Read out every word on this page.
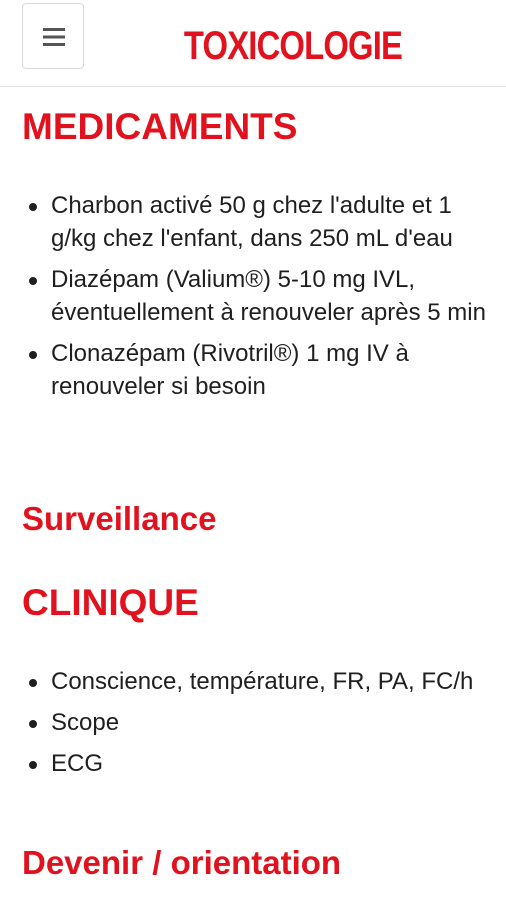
TOXICOLOGIE
MEDICAMENTS
Charbon activé 50 g chez l'adulte et 1 g/kg chez l'enfant, dans 250 mL d'eau
Diazépam (Valium®) 5-10 mg IVL, éventuellement à renouveler après 5 min
Clonazépam (Rivotril®) 1 mg IV à renouveler si besoin
Surveillance
CLINIQUE
Conscience, température, FR, PA, FC/h
Scope
ECG
Devenir / orientation
